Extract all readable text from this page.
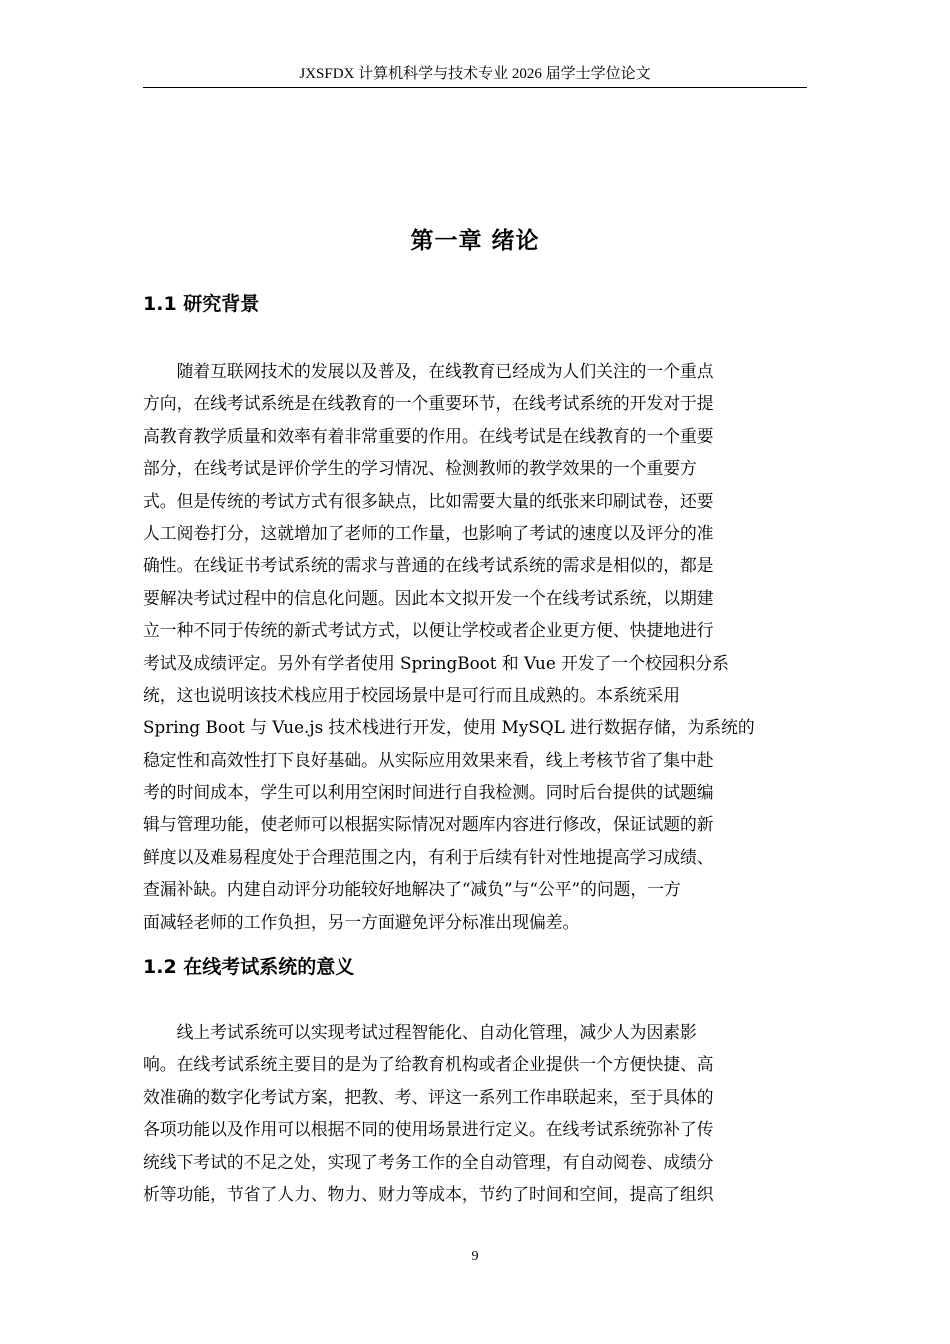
JXSFDX 计算机科学与技术专业 2026 届学士学位论文
第一章 绪论
1.1 研究背景
　　随着互联网技术的发展以及普及，在线教育已经成为人们关注的一个重点
方向，在线考试系统是在线教育的一个重要环节，在线考试系统的开发对于提
高教育教学质量和效率有着非常重要的作用。在线考试是在线教育的一个重要
部分，在线考试是评价学生的学习情况、检测教师的教学效果的一个重要方
式。但是传统的考试方式有很多缺点，比如需要大量的纸张来印刷试卷，还要
人工阅卷打分，这就增加了老师的工作量，也影响了考试的速度以及评分的准
确性。在线证书考试系统的需求与普通的在线考试系统的需求是相似的，都是
要解决考试过程中的信息化问题。因此本文拟开发一个在线考试系统，以期建
立一种不同于传统的新式考试方式，以便让学校或者企业更方便、快捷地进行
考试及成绩评定。另外有学者使用 SpringBoot 和 Vue 开发了一个校园积分系
统，这也说明该技术栈应用于校园场景中是可行而且成熟的。本系统采用
Spring Boot 与 Vue.js 技术栈进行开发，使用 MySQL 进行数据存储，为系统的
稳定性和高效性打下良好基础。从实际应用效果来看，线上考核节省了集中赴
考的时间成本，学生可以利用空闲时间进行自我检测。同时后台提供的试题编
辑与管理功能，使老师可以根据实际情况对题库内容进行修改，保证试题的新
鲜度以及难易程度处于合理范围之内，有利于后续有针对性地提高学习成绩、
查漏补缺。内建自动评分功能较好地解决了“减负”与“公平”的问题，一方
面减轻老师的工作负担，另一方面避免评分标准出现偏差。
1.2 在线考试系统的意义
　　线上考试系统可以实现考试过程智能化、自动化管理，减少人为因素影
响。在线考试系统主要目的是为了给教育机构或者企业提供一个方便快捷、高
效准确的数字化考试方案，把教、考、评这一系列工作串联起来，至于具体的
各项功能以及作用可以根据不同的使用场景进行定义。在线考试系统弥补了传
统线下考试的不足之处，实现了考务工作的全自动管理，有自动阅卷、成绩分
析等功能，节省了人力、物力、财力等成本，节约了时间和空间，提高了组织
9
